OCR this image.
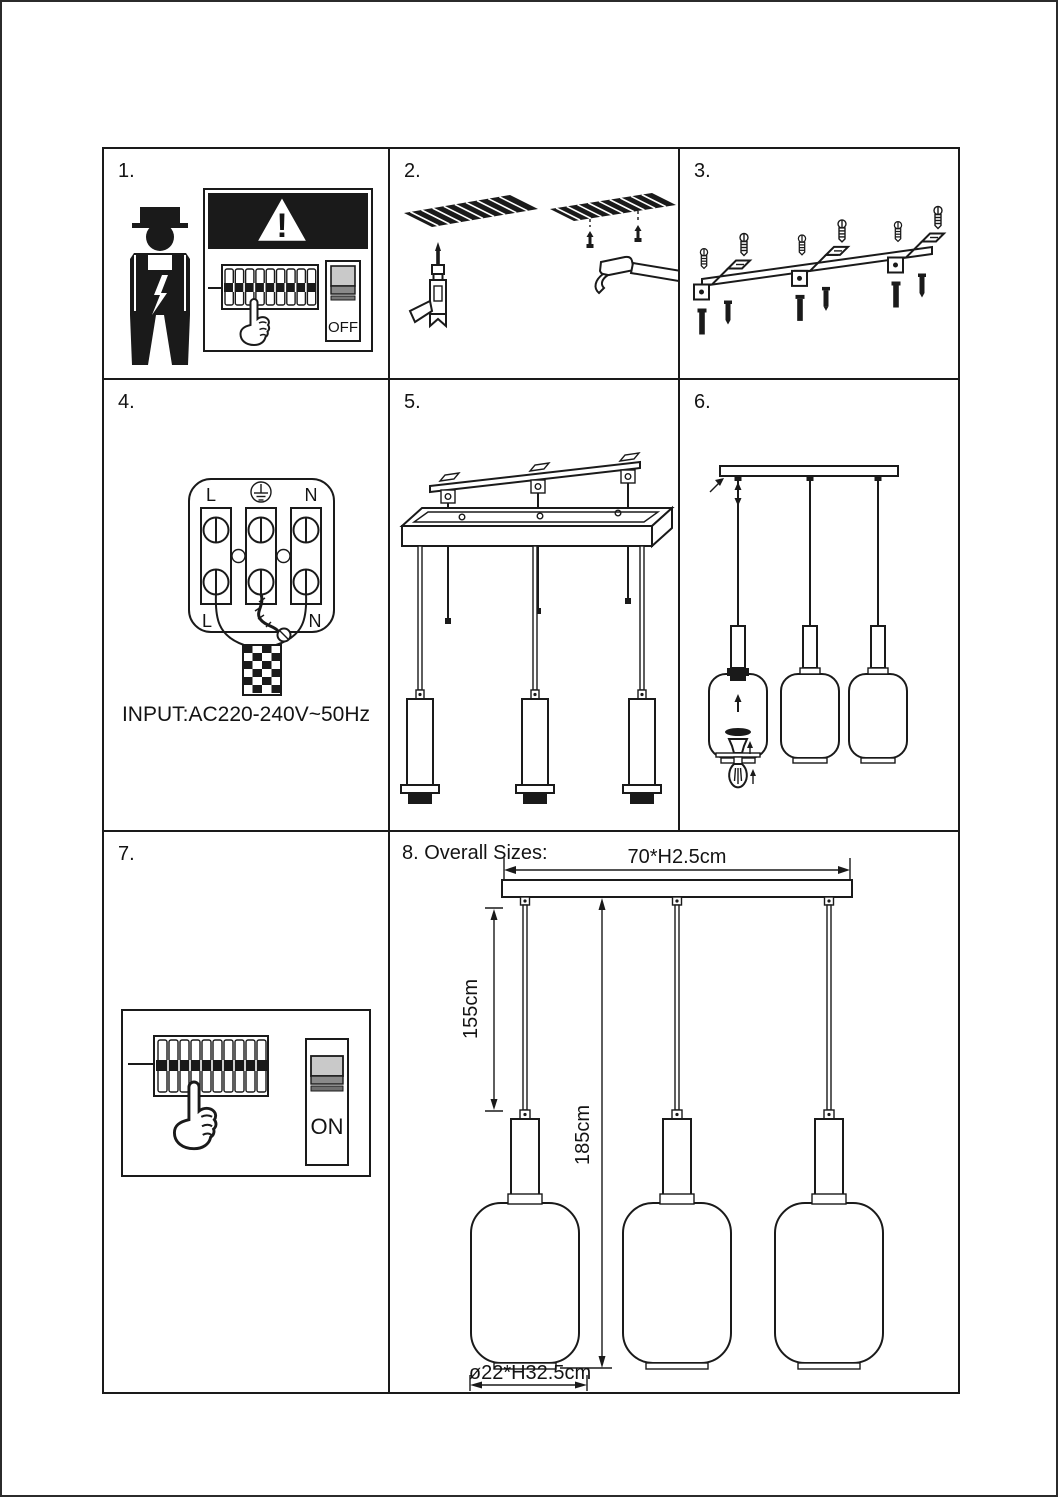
1.
!
OFF
2.	3.
4.
L	N
L	N
INPUT:AC220-240V~50Hz
5.	6.
7.
ON
8. Overall Sizes:	70*H2.5cm
155cm
185cm
ø22*H32.5cm
